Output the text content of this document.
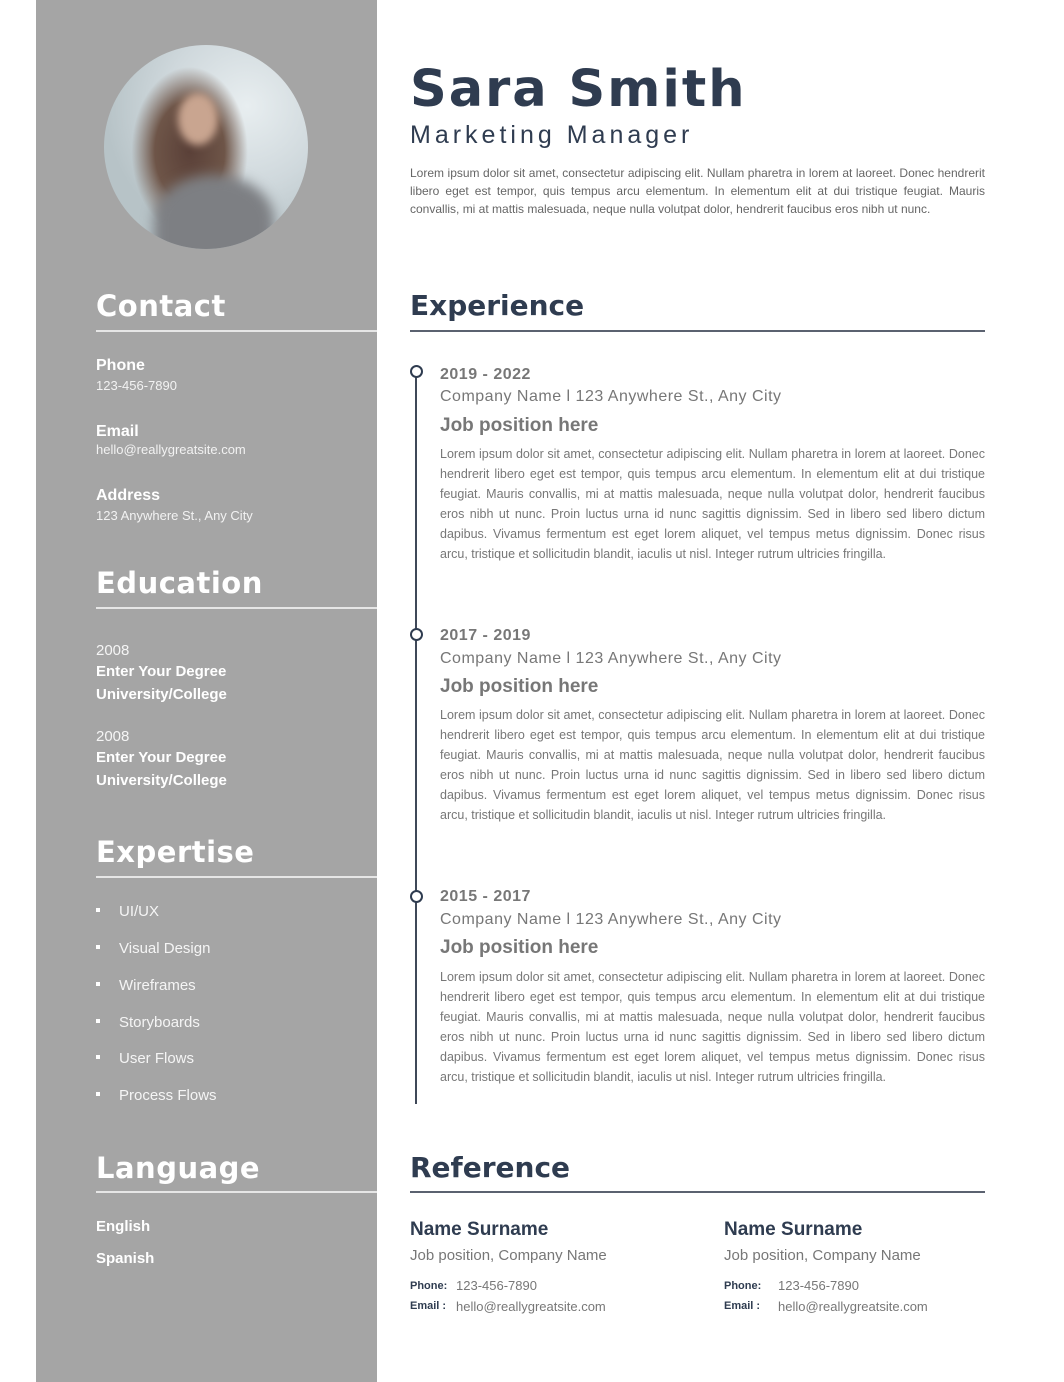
Contact
Phone
123-456-7890
Email
hello@reallygreatsite.com
Address
123 Anywhere St., Any City
Education
2008
Enter Your Degree
University/College
2008
Enter Your Degree
University/College
Expertise
UI/UX
Visual Design
Wireframes
Storyboards
User Flows
Process Flows
Language
English
Spanish
Sara Smith
Marketing Manager
Lorem ipsum dolor sit amet, consectetur adipiscing elit. Nullam pharetra in lorem at laoreet. Donec hendrerit libero eget est tempor, quis tempus arcu elementum. In elementum elit at dui tristique feugiat. Mauris convallis, mi at mattis malesuada, neque nulla volutpat dolor, hendrerit faucibus eros nibh ut nunc.
Experience
2019 - 2022
Company Name l 123 Anywhere St., Any City
Job position here
Lorem ipsum dolor sit amet, consectetur adipiscing elit. Nullam pharetra in lorem at laoreet. Donec hendrerit libero eget est tempor, quis tempus arcu elementum. In elementum elit at dui tristique feugiat. Mauris convallis, mi at mattis malesuada, neque nulla volutpat dolor, hendrerit faucibus eros nibh ut nunc. Proin luctus urna id nunc sagittis dignissim. Sed in libero sed libero dictum dapibus. Vivamus fermentum est eget lorem aliquet, vel tempus metus dignissim. Donec risus arcu, tristique et sollicitudin blandit, iaculis ut nisl. Integer rutrum ultricies fringilla.
2017 - 2019
Company Name l 123 Anywhere St., Any City
Job position here
Lorem ipsum dolor sit amet, consectetur adipiscing elit. Nullam pharetra in lorem at laoreet. Donec hendrerit libero eget est tempor, quis tempus arcu elementum. In elementum elit at dui tristique feugiat. Mauris convallis, mi at mattis malesuada, neque nulla volutpat dolor, hendrerit faucibus eros nibh ut nunc. Proin luctus urna id nunc sagittis dignissim. Sed in libero sed libero dictum dapibus. Vivamus fermentum est eget lorem aliquet, vel tempus metus dignissim. Donec risus arcu, tristique et sollicitudin blandit, iaculis ut nisl. Integer rutrum ultricies fringilla.
2015 - 2017
Company Name l 123 Anywhere St., Any City
Job position here
Lorem ipsum dolor sit amet, consectetur adipiscing elit. Nullam pharetra in lorem at laoreet. Donec hendrerit libero eget est tempor, quis tempus arcu elementum. In elementum elit at dui tristique feugiat. Mauris convallis, mi at mattis malesuada, neque nulla volutpat dolor, hendrerit faucibus eros nibh ut nunc. Proin luctus urna id nunc sagittis dignissim. Sed in libero sed libero dictum dapibus. Vivamus fermentum est eget lorem aliquet, vel tempus metus dignissim. Donec risus arcu, tristique et sollicitudin blandit, iaculis ut nisl. Integer rutrum ultricies fringilla.
Reference
Name Surname
Job position, Company Name
Phone: 123-456-7890
Email : hello@reallygreatsite.com
Name Surname
Job position, Company Name
Phone: 123-456-7890
Email : hello@reallygreatsite.com
